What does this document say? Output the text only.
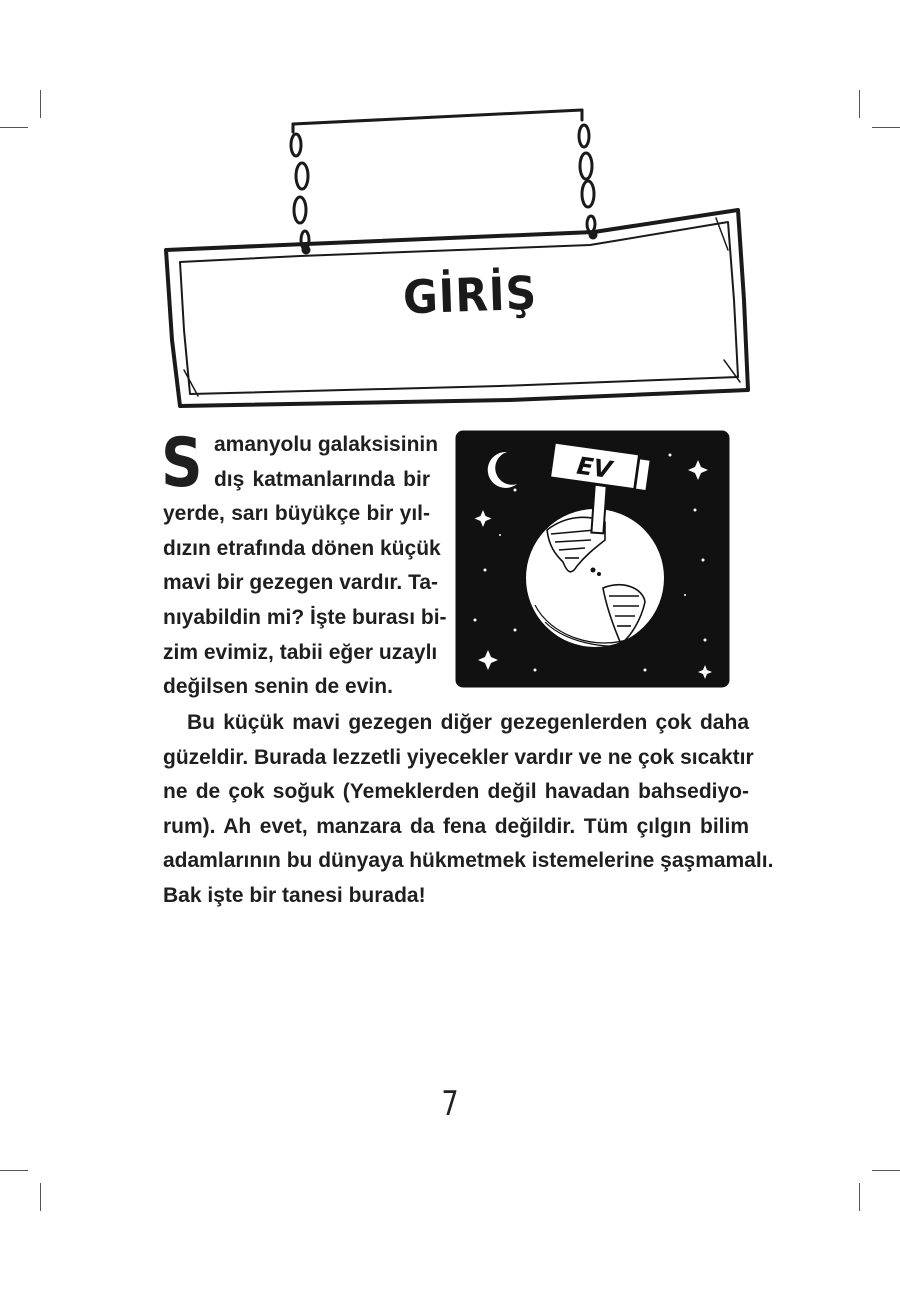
GİRİŞ
S amanyolu galaksisinin
dış katmanlarında bir
yerde, sarı büyükçe bir yıl-
dızın etrafında dönen küçük
mavi bir gezegen vardır. Ta-
nıyabildin mi? İşte burası bi-
zim evimiz, tabii eğer uzaylı
değilsen senin de evin.
EV
Bu küçük mavi gezegen diğer gezegenlerden çok daha
güzeldir. Burada lezzetli yiyecekler vardır ve ne çok sıcaktır
ne de çok soğuk (Yemeklerden değil havadan bahsediyo-
rum). Ah evet, manzara da fena değildir. Tüm çılgın bilim
adamlarının bu dünyaya hükmetmek istemelerine şaşmamalı.
Bak işte bir tanesi burada!
7
